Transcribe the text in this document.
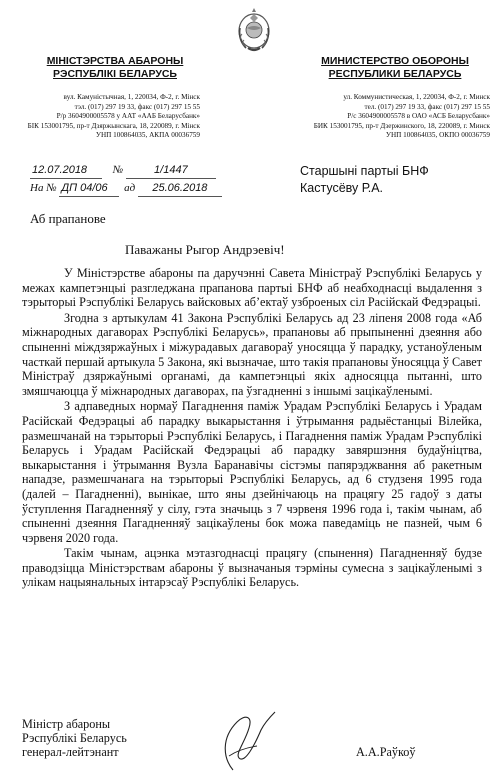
МІНІСТЭРСТВА АБАРОНЫ
РЭСПУБЛІКІ БЕЛАРУСЬ
вул. Камуністычная, 1, 220034, Ф-2, г. Мінск
тэл. (017) 297 19 33, факс (017) 297 15 55
Р/р 3604900005578 у ААТ «ААБ Беларусбанк»
БІК 153001795, пр-т Дзяржынскага, 18, 220089, г. Мінск
УНП 100864035, АКПА 00036759
МИНИСТЕРСТВО ОБОРОНЫ
РЕСПУБЛИКИ БЕЛАРУСЬ
ул. Коммунистическая, 1, 220034, Ф-2, г. Минск
тел. (017) 297 19 33, факс (017) 297 15 55
Р/с 3604900005578 в ОАО «АСБ Беларусбанк»
БИК 153001795, пр-т Дзержинского, 18, 220089, г. Минск
УНП 100864035, ОКПО 00036759
12.07.2018 №	1/1447
На № ДП 04/06 ад 25.06.2018
Старшыні партыі БНФ
Кастусёву Р.А.
Аб прапанове
Паважаны Рыгор Андрэевіч!

У Міністэрстве абароны па даручэнні Савета Міністраў Рэспублікі Беларусь у межах кампетэнцыі разгледжана прапанова партыі БНФ аб неабходнасці выдалення з тэрыторыі Рэспублікі Беларусь вайсковых аб’ектаў узброеных сіл Расійскай Федэрацыі.

Згодна з артыкулам 41 Закона Рэспублікі Беларусь ад 23 ліпеня 2008 года «Аб міжнародных дагаворах Рэспублікі Беларусь», прапановы аб прыпыненні дзеяння або спыненні міждзяржаўных і міжурадавых дагавораў уносяцца ў парадку, устаноўленым часткай першай артыкула 5 Закона, які вызначае, што такія прапановы ўносяцца ў Савет Міністраў дзяржаўнымі органамі, да кампетэнцыі якіх адносяцца пытанні, што змяшчаюцца ў міжнародных дагаворах, па ўзгадненні з іншымі зацікаўленымі.

З адпаведных нормаў Пагаднення паміж Урадам Рэспублікі Беларусь і Урадам Расійскай Федэрацыі аб парадку выкарыстання і ўтрымання радыёстанцыі Вілейка, размешчанай на тэрыторыі Рэспублікі Беларусь, і Пагаднення паміж Урадам Рэспублікі Беларусь і Урадам Расійскай Федэрацыі аб парадку завяршэння будаўніцтва, выкарыстання і ўтрымання Вузла Баранавічы сістэмы папярэджвання аб ракетным нападзе, размешчанага на тэрыторыі Рэспублікі Беларусь, ад 6 студзеня 1995 года (далей – Пагадненні), вынікае, што яны дзейнічаюць на працягу 25 гадоў з даты ўступлення Пагадненняў у сілу, гэта значыць з 7 чэрвеня 1996 года і, такім чынам, аб спыненні дзеяння Пагадненняў зацікаўлены бок можа паведаміць не пазней, чым 6 чэрвеня 2020 года.

Такім чынам, ацэнка мэтазгоднасці працягу (спынення) Пагадненняў будзе праводзіцца Міністэрствам абароны ў вызначаныя тэрміны сумесна з зацікаўленымі з улікам нацыянальных інтарэсаў Рэспублікі Беларусь.

Міністр абароны
Рэспублікі Беларусь
генерал-лейтэнант	А.А.Раўкоў
